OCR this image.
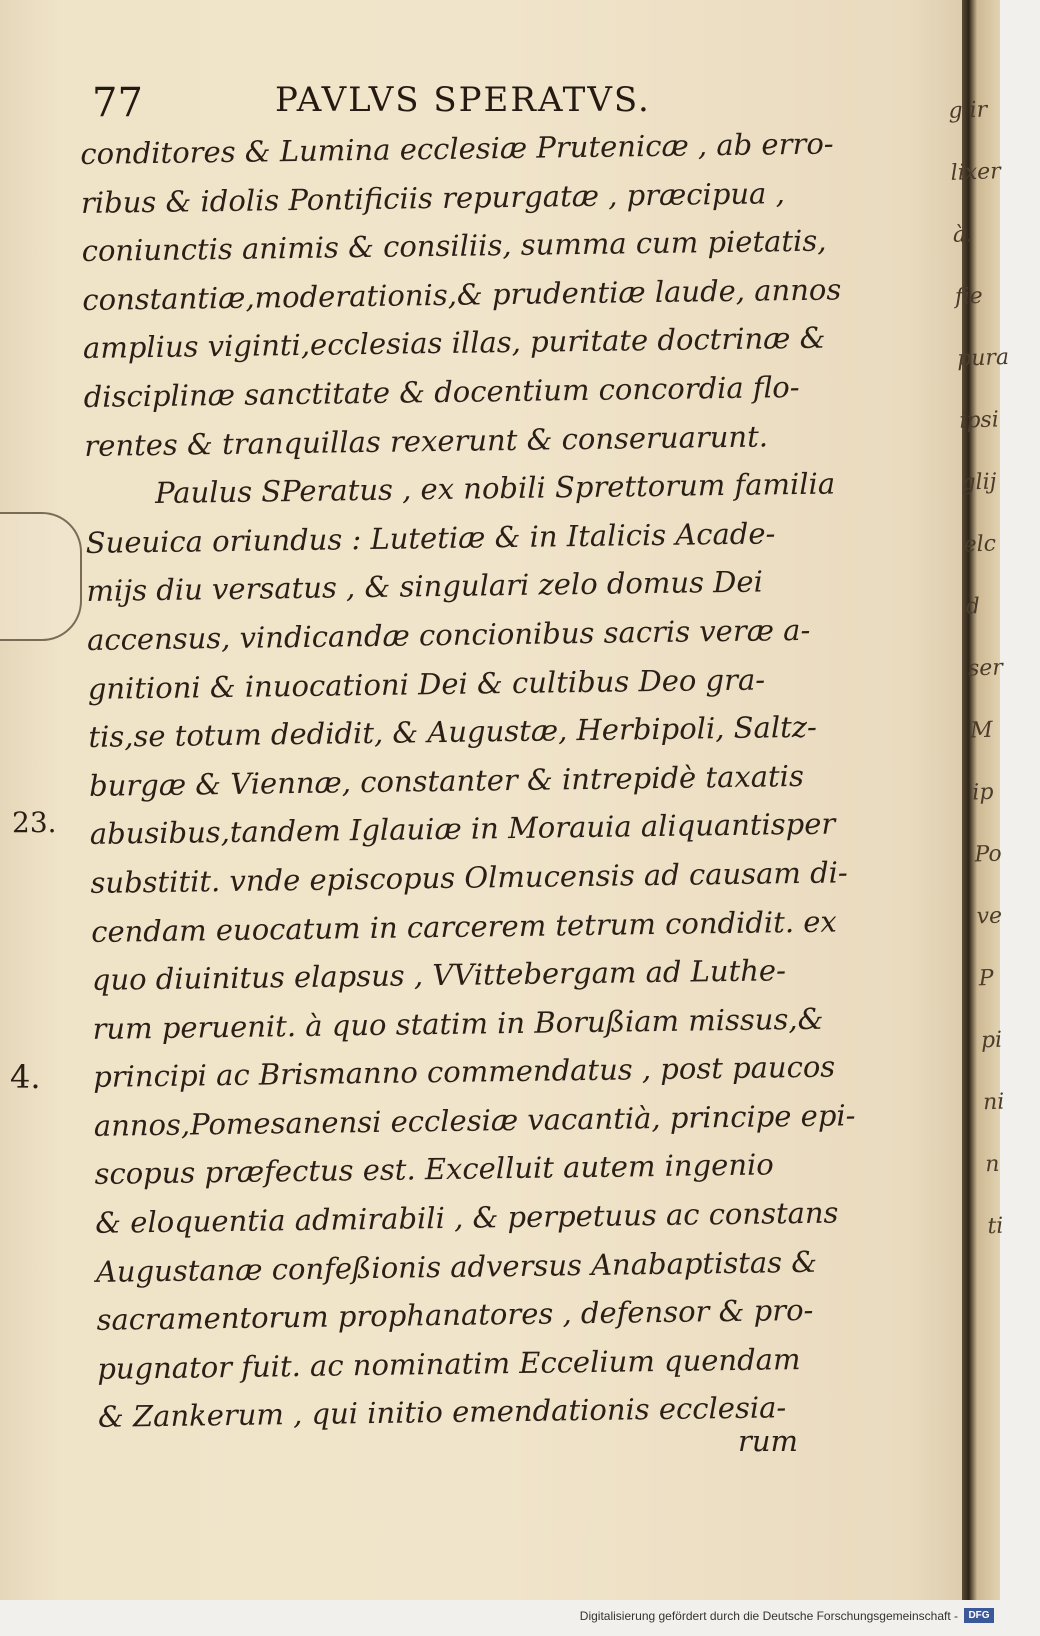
77	PAVLVS SPERATVS.
conditores & Lumina ecclesiæ Prutenicæ , ab erro-
ribus & idolis Pontificiis repurgatæ , præcipua ,
coniunctis animis & consiliis, summa cum pietatis,
constantiæ,moderationis,& prudentiæ laude, annos
amplius viginti,ecclesias illas, puritate doctrinæ &
disciplinæ sanctitate & docentium concordia flo-
rentes & tranquillas rexerunt & conseruarunt.
Paulus SPeratus , ex nobili Sprettorum familia
Sueuica oriundus : Lutetiæ & in Italicis Acade-
mijs diu versatus , & singulari zelo domus Dei
accensus, vindicandæ concionibus sacris veræ a-
gnitioni & inuocationi Dei & cultibus Deo gra-
tis,se totum dedidit, & Augustæ, Herbipoli, Saltz-
burgæ & Viennæ, constanter & intrepidè taxatis
abusibus,tandem Iglauiæ in Morauia aliquantisper
substitit. vnde episcopus Olmucensis ad causam di-
cendam euocatum in carcerem tetrum condidit. ex
quo diuinitus elapsus , VVittebergam ad Luthe-
rum peruenit. à quo statim in Borußiam missus,&
principi ac Brismanno commendatus , post paucos
annos,Pomesanensi ecclesiæ vacantià, principe epi-
scopus præfectus est. Excelluit autem ingenio
& eloquentia admirabili , & perpetuus ac constans
Augustanæ confeßionis adversus Anabaptistas &
sacramentorum prophanatores , defensor & pro-
pugnator fuit. ac nominatim Eccelium quendam
& Zankerum , qui initio emendationis ecclesia-
rum
23.
4.
g ir
lixer
à.
fie
pura
ipsi
glij
elc
d
ser
M
ip
Po
ve
P
pi
ni
n
ti
Digitalisierung gefördert durch die Deutsche Forschungsgemeinschaft -	DFG
